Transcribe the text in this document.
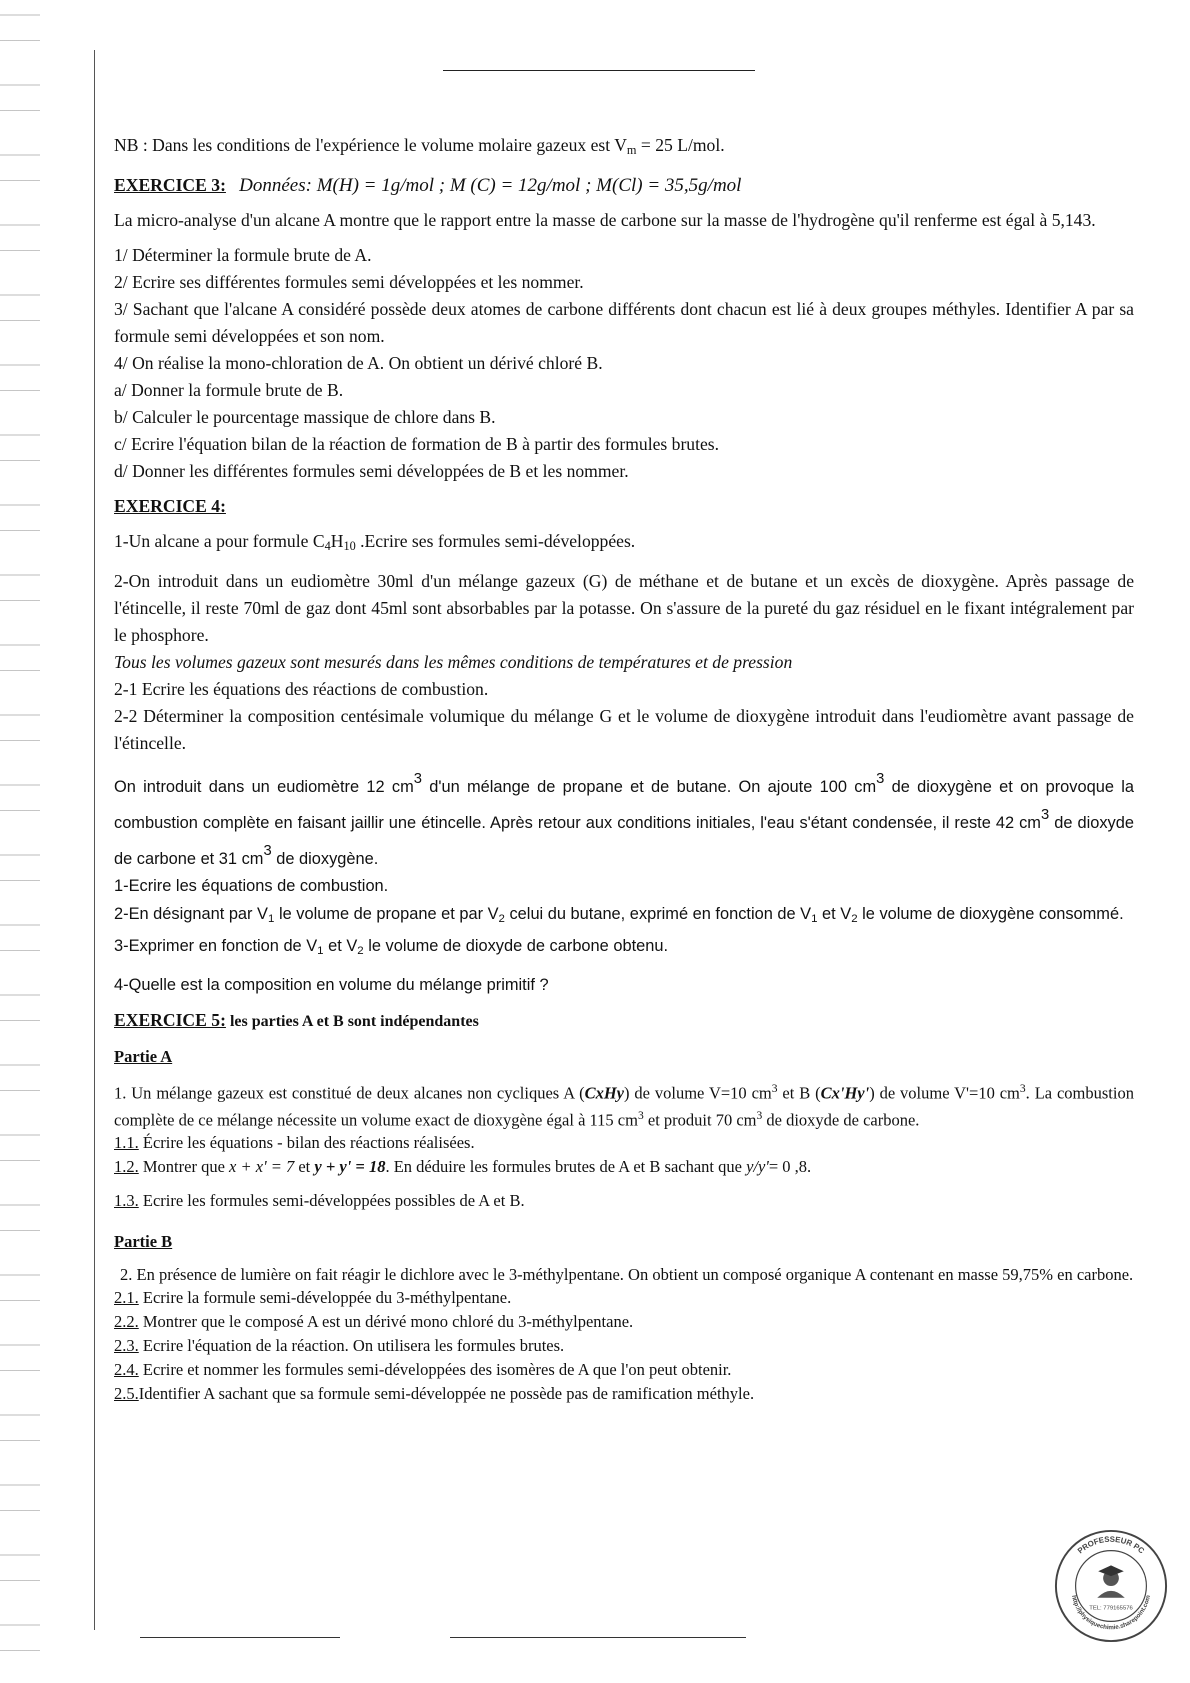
NB : Dans les conditions de l'expérience le volume molaire gazeux est $V_m = 25$ L/mol.

EXERCICE 3: Données: M(H) = 1g/mol ; M (C) = 12g/mol ; M(Cl) = 35,5g/mol

La micro-analyse d'un alcane A montre que le rapport entre la masse de carbone sur la masse de l'hydrogène qu'il renferme est égal à 5,143.

1/ Déterminer la formule brute de A.

2/ Ecrire ses différentes formules semi développées et les nommer.

3/ Sachant que l'alcane A considéré possède deux atomes de carbone différents dont chacun est lié à deux groupes méthyles. Identifier A par sa formule semi développées et son nom.

4/ On réalise la mono-chloration de A. On obtient un dérivé chloré B.

a/ Donner la formule brute de B.

b/ Calculer le pourcentage massique de chlore dans B.

c/ Ecrire l'équation bilan de la réaction de formation de B à partir des formules brutes.

d/ Donner les différentes formules semi développées de B et les nommer.

EXERCICE 4:

1-Un alcane a pour formule $C_4H_{10}$ .Ecrire ses formules semi-développées.

2-On introduit dans un eudiomètre 30ml d'un mélange gazeux (G) de méthane et de butane et un excès de dioxygène. Après passage de l'étincelle, il reste 70ml de gaz dont 45ml sont absorbables par la potasse. On s'assure de la pureté du gaz résiduel en le fixant intégralement par le phosphore.

Tous les volumes gazeux sont mesurés dans les mêmes conditions de températures et de pression

2-1 Ecrire les équations des réactions de combustion.

2-2 Déterminer la composition centésimale volumique du mélange G et le volume de dioxygène introduit dans l'eudiomètre avant passage de l'étincelle.

On introduit dans un eudiomètre 12 cm3 d'un mélange de propane et de butane. On ajoute 100 cm3 de dioxygène et on provoque la combustion complète en faisant jaillir une étincelle. Après retour aux conditions initiales, l'eau s'étant condensée, il reste 42 cm3 de dioxyde de carbone et 31 cm3 de dioxygène.

1-Ecrire les équations de combustion.

2-En désignant par $V_1$ le volume de propane et par $V_2$ celui du butane, exprimé en fonction de $V_1$ et $V_2$ le volume de dioxygène consommé.

3-Exprimer en fonction de $V_1$ et $V_2$ le volume de dioxyde de carbone obtenu.

4-Quelle est la composition en volume du mélange primitif ?

EXERCICE 5: les parties A et B sont indépendantes

Partie A

1. Un mélange gazeux est constitué de deux alcanes non cycliques A (CxHy) de volume V=10 $cm^3$ et B (Cx'Hy') de volume V'=10 $cm^3$. La combustion complète de ce mélange nécessite un volume exact de dioxygène égal à 115 $cm^3$ et produit 70 $cm^3$ de dioxyde de carbone.

1.1. Écrire les équations - bilan des réactions réalisées.

1.2. Montrer que x + x' = 7 et y + y' = 18. En déduire les formules brutes de A et B sachant que y/y'= 0 ,8.

1.3. Ecrire les formules semi-développées possibles de A et B.

Partie B

2. En présence de lumière on fait réagir le dichlore avec le 3-méthylpentane. On obtient un composé organique A contenant en masse 59,75% en carbone.

2.1. Ecrire la formule semi-développée du 3-méthylpentane.

2.2. Montrer que le composé A est un dérivé mono chloré du 3-méthylpentane.

2.3. Ecrire l'équation de la réaction. On utilisera les formules brutes.

2.4. Ecrire et nommer les formules semi-développées des isomères de A que l'on peut obtenir.

2.5.Identifier A sachant que sa formule semi-développée ne possède pas de ramification méthyle.

PROFESSEUR PC
http://physiquechimie.sharepoint.com
TEL: 779165576
